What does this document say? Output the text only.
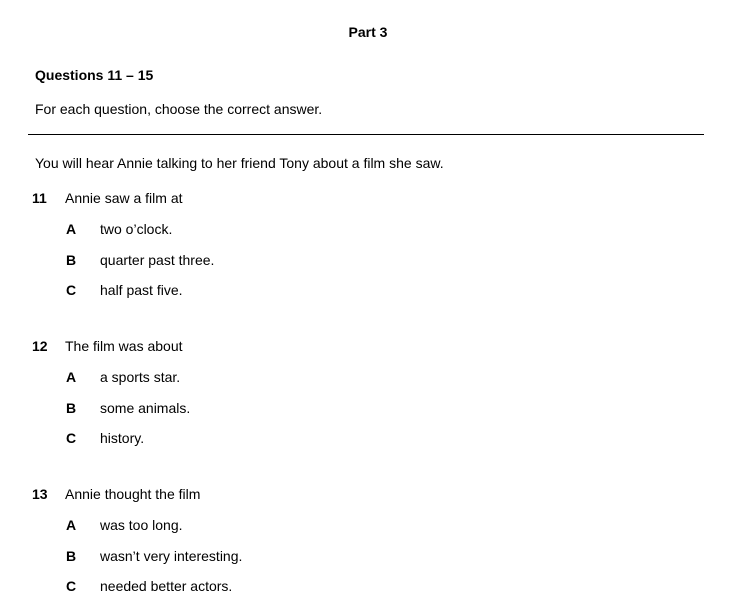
Part 3
Questions 11 – 15
For each question, choose the correct answer.
You will hear Annie talking to her friend Tony about a film she saw.
11 Annie saw a film at
A two o’clock.
B quarter past three.
C half past five.
12 The film was about
A a sports star.
B some animals.
C history.
13 Annie thought the film
A was too long.
B wasn’t very interesting.
C needed better actors.
